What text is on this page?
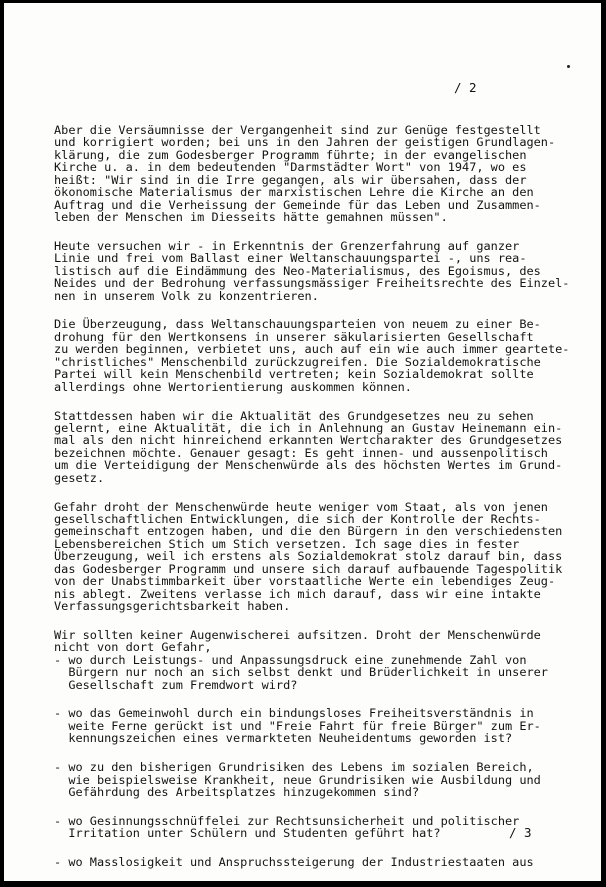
/ 2
Aber die Versäumnisse der Vergangenheit sind zur Genüge festgestellt
und korrigiert worden; bei uns in den Jahren der geistigen Grundlagen-
klärung, die zum Godesberger Programm führte; in der evangelischen
Kirche u. a. in dem bedeutenden "Darmstädter Wort" von 1947, wo es
heißt: "Wir sind in die Irre gegangen, als wir übersahen, dass der
ökonomische Materialismus der marxistischen Lehre die Kirche an den
Auftrag und die Verheissung der Gemeinde für das Leben und Zusammen-
leben der Menschen im Diesseits hätte gemahnen müssen".
Heute versuchen wir - in Erkenntnis der Grenzerfahrung auf ganzer
Linie und frei vom Ballast einer Weltanschauungspartei -, uns rea-
listisch auf die Eindämmung des Neo-Materialismus, des Egoismus, des
Neides und der Bedrohung verfassungsmässiger Freiheitsrechte des Einzel-
nen in unserem Volk zu konzentrieren.
Die Überzeugung, dass Weltanschauungsparteien von neuem zu einer Be-
drohung für den Wertkonsens in unserer säkularisierten Gesellschaft
zu werden beginnen, verbietet uns, auch auf ein wie auch immer geartete-
"christliches" Menschenbild zurückzugreifen. Die Sozialdemokratische
Partei will kein Menschenbild vertreten; kein Sozialdemokrat sollte
allerdings ohne Wertorientierung auskommen können.
Stattdessen haben wir die Aktualität des Grundgesetzes neu zu sehen
gelernt, eine Aktualität, die ich in Anlehnung an Gustav Heinemann ein-
mal als den nicht hinreichend erkannten Wertcharakter des Grundgesetzes
bezeichnen möchte. Genauer gesagt: Es geht innen- und aussenpolitisch
um die Verteidigung der Menschenwürde als des höchsten Wertes im Grund-
gesetz.
Gefahr droht der Menschenwürde heute weniger vom Staat, als von jenen
gesellschaftlichen Entwicklungen, die sich der Kontrolle der Rechts-
gemeinschaft entzogen haben, und die den Bürgern in den verschiedensten
Lebensbereichen Stich um Stich versetzen. Ich sage dies in fester
Überzeugung, weil ich erstens als Sozialdemokrat stolz darauf bin, dass
das Godesberger Programm und unsere sich darauf aufbauende Tagespolitik
von der Unabstimmbarkeit über vorstaatliche Werte ein lebendiges Zeug-
nis ablegt. Zweitens verlasse ich mich darauf, dass wir eine intakte
Verfassungsgerichtsbarkeit haben.
Wir sollten keiner Augenwischerei aufsitzen. Droht der Menschenwürde
nicht von dort Gefahr,
- wo durch Leistungs- und Anpassungsdruck eine zunehmende Zahl von
Bürgern nur noch an sich selbst denkt und Brüderlichkeit in unserer
Gesellschaft zum Fremdwort wird?
- wo das Gemeinwohl durch ein bindungsloses Freiheitsverständnis in
weite Ferne gerückt ist und "Freie Fahrt für freie Bürger" zum Er-
kennungszeichen eines vermarkteten Neuheidentums geworden ist?
- wo zu den bisherigen Grundrisiken des Lebens im sozialen Bereich,
wie beispielsweise Krankheit, neue Grundrisiken wie Ausbildung und
Gefährdung des Arbeitsplatzes hinzugekommen sind?
- wo Gesinnungsschnüffelei zur Rechtsunsicherheit und politischer
Irritation unter Schülern und Studenten geführt hat?
- wo Masslosigkeit und Anspruchssteigerung der Industriestaaten aus
/ 3
